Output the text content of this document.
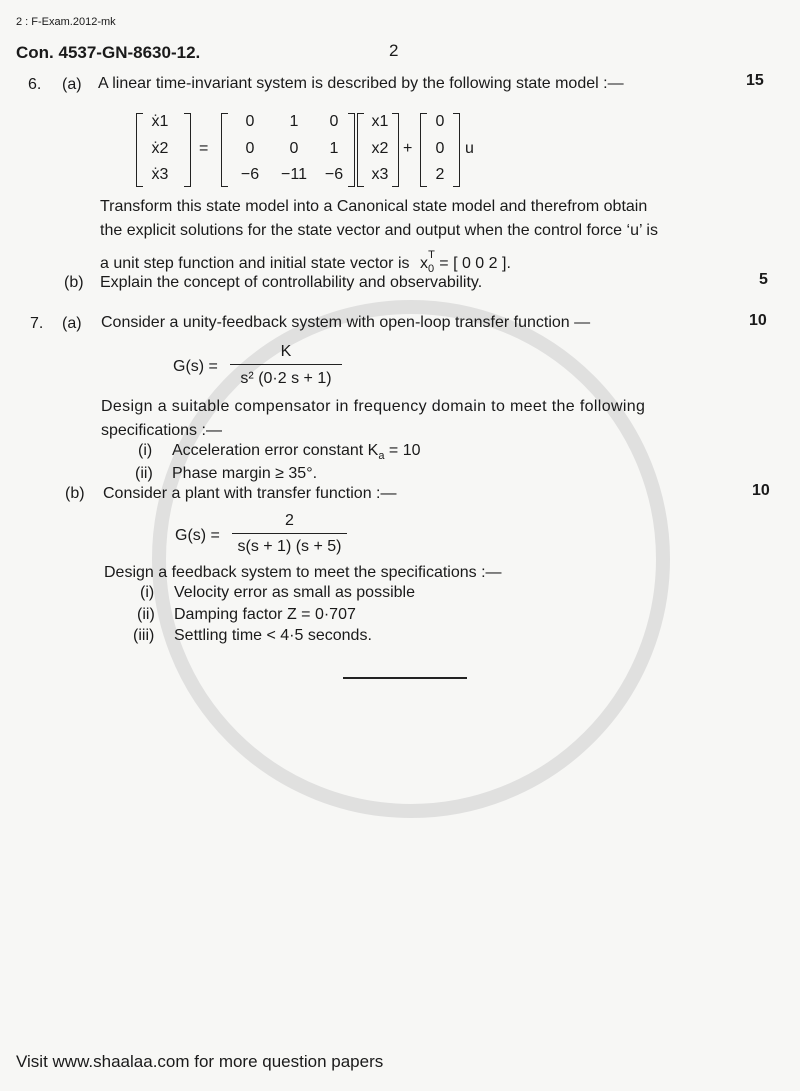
2 : F-Exam.2012-mk
Con. 4537-GN-8630-12.	2
6. (a) A linear time-invariant system is described by the following state model :—	15
ẋ1
ẋ2
ẋ3
=
0	1	0
0	0	1
−6	−11	−6
x1
x2
x3
+
0
0
2
u
Transform this state model into a Canonical state model and therefrom obtain
the explicit solutions for the state vector and output when the control force ‘u’ is
a unit step function and initial state vector is $x_0^T$ = [ 0 0 2 ].
(b) Explain the concept of controllability and observability.	5
7. (a) Consider a unity-feedback system with open-loop transfer function —	10
G(s) =
K
s² (0·2 s + 1)
Design a suitable compensator in frequency domain to meet the following
specifications :—
(i) Acceleration error constant $K_a = 10$
(ii) Phase margin ≥ 35°.
(b) Consider a plant with transfer function :—	10
G(s) =
2
s(s + 1) (s + 5)
Design a feedback system to meet the specifications :—
(i) Velocity error as small as possible
(ii) Damping factor Z = 0·707
(iii) Settling time < 4·5 seconds.
Visit www.shaalaa.com for more question papers
